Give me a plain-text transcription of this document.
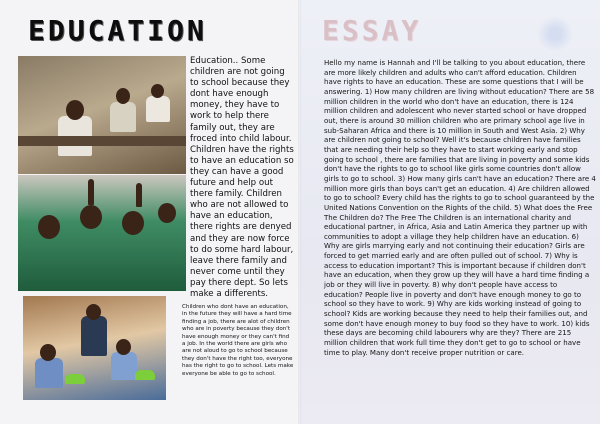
EDUCATION
Education.. Some children are not going to school because they dont have enough money, they have to work to help there family out, they are froced into child labour. Children have the rights to have an education so they can have a good future and help out there family. Children who are not allowed to have an education, there rights are denyed and they are now force to do some hard labour, leave there family and never come until they pay there dept. So lets make a differents.
Children who dont have an education, in the future they will have a hard time finding a job, there are alot of children who are in poverty because they don't have enough money or they can't find a job. In the world there are girls who are not aloud to go to school because they don't have the right too, everyone has the right to go to school. Lets make everyone be able to go to school.
ESSAY
Hello my name is Hannah and I'll be talking to you about education, there are more likely children and adults who can't afford education. Children have rights to have an education. These are some questions that I will be answering. 1) How many children are living without education? There are 58 million children in the world who don't have an education, there is 124 million children and adolescent who never started school or have dropped out, there is around 30 million children who are primary school age live in sub-Saharan Africa and there is 10 million in South and West Asia. 2) Why are children not going to school? Well it's because children have families that are needing their help so they have to start working early and stop going to school , there are families that are living in poverty and some kids don't have the rights to go to school like girls some countries don't allow girls to go to school. 3) How many girls can't have an education? There are 4 million more girls than boys can't get an education. 4) Are children allowed to go to school? Every child has the rights to go to school guaranteed by the United Nations Convention on the Rights of the child. 5) What does the Free The Children do? The Free The Children is an international charity and educational partner, in Africa, Asia and Latin America they partner up with communities to adopt a village they help children have an education. 6) Why are girls marrying early and not continuing their education? Girls are forced to get married early and are often pulled out of school. 7) Why is access to education important? This is important because if children don't have an education, when they grow up they will have a hard time finding a job or they will live in poverty. 8) why don't people have access to education? People live in poverty and don't have enough money to go to school so they have to work. 9) Why are kids working instead of going to school? Kids are working because they need to help their families out, and some don't have enough money to buy food so they have to work. 10) kids these days are becoming child labourers why are they? There are 215 million children that work full time they don't get to go to school or have time to play. Many don't receive proper nutrition or care.
